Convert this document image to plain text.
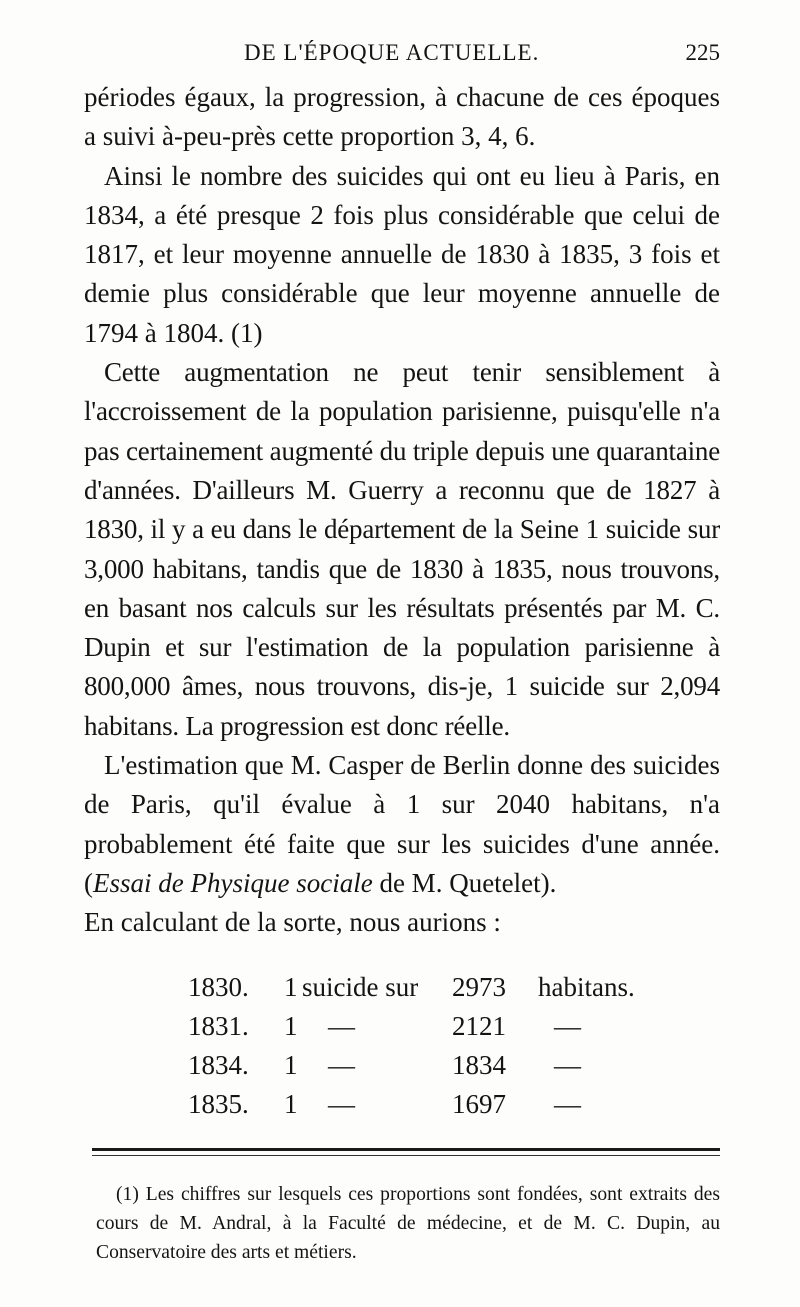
DE L'ÉPOQUE ACTUELLE.	225

périodes égaux, la progression, à chacune de ces époques a suivi à-peu-près cette proportion 3, 4, 6.

Ainsi le nombre des suicides qui ont eu lieu à Paris, en 1834, a été presque 2 fois plus considérable que celui de 1817, et leur moyenne annuelle de 1830 à 1835, 3 fois et demie plus considérable que leur moyenne annuelle de 1794 à 1804. (1)

Cette augmentation ne peut tenir sensiblement à l'accroissement de la population parisienne, puisqu'elle n'a pas certainement augmenté du triple depuis une quarantaine d'années. D'ailleurs M. Guerry a reconnu que de 1827 à 1830, il y a eu dans le département de la Seine 1 suicide sur 3,000 habitans, tandis que de 1830 à 1835, nous trouvons, en basant nos calculs sur les résultats présentés par M. C. Dupin et sur l'estimation de la population parisienne à 800,000 âmes, nous trouvons, dis-je, 1 suicide sur 2,094 habitans. La progression est donc réelle.

L'estimation que M. Casper de Berlin donne des suicides de Paris, qu'il évalue à 1 sur 2040 habitans, n'a probablement été faite que sur les suicides d'une année. (Essai de Physique sociale de M. Quetelet).

En calculant de la sorte, nous aurions :

1830. 1 suicide sur 2973 habitans.
1831. 1 —	2121 —
1834. 1 —	1834 —
1835. 1 —	1697 —

(1) Les chiffres sur lesquels ces proportions sont fondées, sont extraits des cours de M. Andral, à la Faculté de médecine, et de M. C. Dupin, au Conservatoire des arts et métiers.
